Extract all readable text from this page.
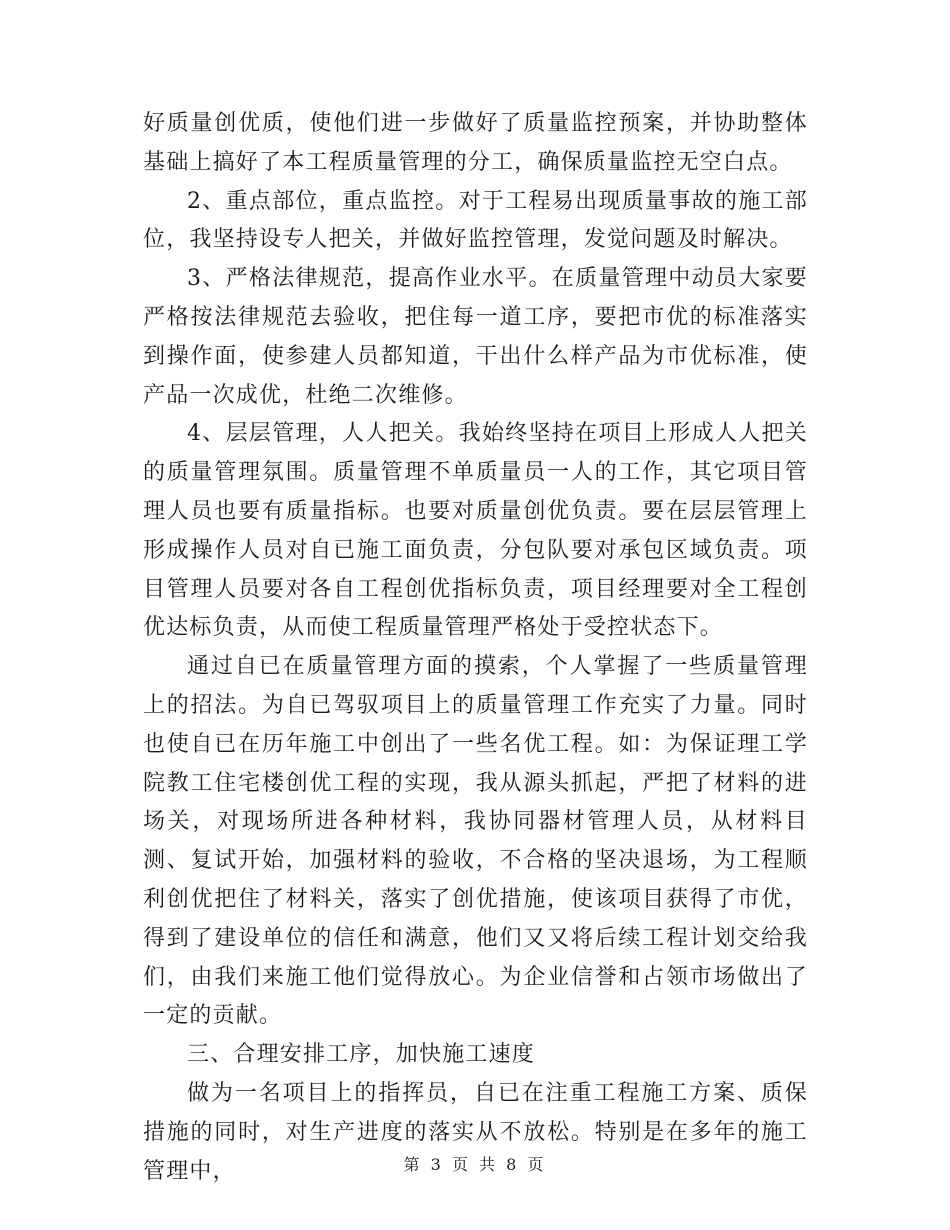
好质量创优质，使他们进一步做好了质量监控预案，并协助整体基础上搞好了本工程质量管理的分工，确保质量监控无空白点。

2、重点部位，重点监控。对于工程易出现质量事故的施工部位，我坚持设专人把关，并做好监控管理，发觉问题及时解决。

3、严格法律规范，提高作业水平。在质量管理中动员大家要严格按法律规范去验收，把住每一道工序，要把市优的标准落实到操作面，使参建人员都知道，干出什么样产品为市优标准，使产品一次成优，杜绝二次维修。

4、层层管理，人人把关。我始终坚持在项目上形成人人把关的质量管理氛围。质量管理不单质量员一人的工作，其它项目管理人员也要有质量指标。也要对质量创优负责。要在层层管理上形成操作人员对自已施工面负责，分包队要对承包区域负责。项目管理人员要对各自工程创优指标负责，项目经理要对全工程创优达标负责，从而使工程质量管理严格处于受控状态下。

通过自已在质量管理方面的摸索，个人掌握了一些质量管理上的招法。为自已驾驭项目上的质量管理工作充实了力量。同时也使自已在历年施工中创出了一些名优工程。如：为保证理工学院教工住宅楼创优工程的实现，我从源头抓起，严把了材料的进场关，对现场所进各种材料，我协同器材管理人员，从材料目测、复试开始，加强材料的验收，不合格的坚决退场，为工程顺利创优把住了材料关，落实了创优措施，使该项目获得了市优，得到了建设单位的信任和满意，他们又又将后续工程计划交给我们，由我们来施工他们觉得放心。为企业信誉和占领市场做出了一定的贡献。

三、合理安排工序，加快施工速度

做为一名项目上的指挥员，自已在注重工程施工方案、质保措施的同时，对生产进度的落实从不放松。特别是在多年的施工管理中，	第 3 页 共 8 页
